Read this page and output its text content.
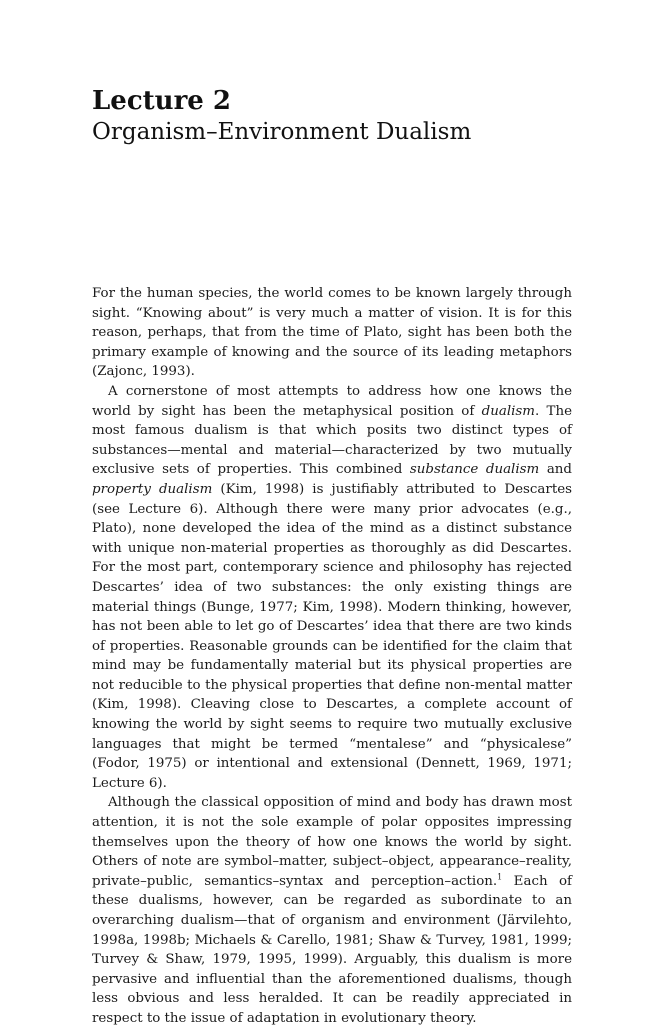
Lecture 2
Organism–Environment Dualism

For the human species, the world comes to be known largely through sight. “Knowing about” is very much a matter of vision. It is for this reason, perhaps, that from the time of Plato, sight has been both the primary example of knowing and the source of its leading metaphors (Zajonc, 1993).

A cornerstone of most attempts to address how one knows the world by sight has been the metaphysical position of dualism. The most famous dualism is that which posits two distinct types of substances—mental and material—characterized by two mutually exclusive sets of properties. This combined substance dualism and property dualism (Kim, 1998) is justifiably attributed to Descartes (see Lecture 6). Although there were many prior advocates (e.g., Plato), none developed the idea of the mind as a distinct substance with unique non-material properties as thoroughly as did Descartes. For the most part, contemporary science and philosophy has rejected Descartes’ idea of two substances: the only existing things are material things (Bunge, 1977; Kim, 1998). Modern thinking, however, has not been able to let go of Descartes’ idea that there are two kinds of properties. Reasonable grounds can be identified for the claim that mind may be fundamentally material but its physical properties are not reducible to the physical properties that define non-mental matter (Kim, 1998). Cleaving close to Descartes, a complete account of knowing the world by sight seems to require two mutually exclusive languages that might be termed “mentalese” and “physicalese” (Fodor, 1975) or intentional and extensional (Dennett, 1969, 1971; Lecture 6).

Although the classical opposition of mind and body has drawn most attention, it is not the sole example of polar opposites impressing themselves upon the theory of how one knows the world by sight. Others of note are symbol–matter, subject–object, appearance–reality, private–public, semantics–syntax and perception–action.$^1$ Each of these dualisms, however, can be regarded as subordinate to an overarching dualism—that of organism and environment (Järvilehto, 1998a, 1998b; Michaels & Carello, 1981; Shaw & Turvey, 1981, 1999; Turvey & Shaw, 1979, 1995, 1999). Arguably, this dualism is more pervasive and influential than the aforementioned dualisms, though less obvious and less heralded. It can be readily appreciated in respect to the issue of adaptation in evolutionary theory.
